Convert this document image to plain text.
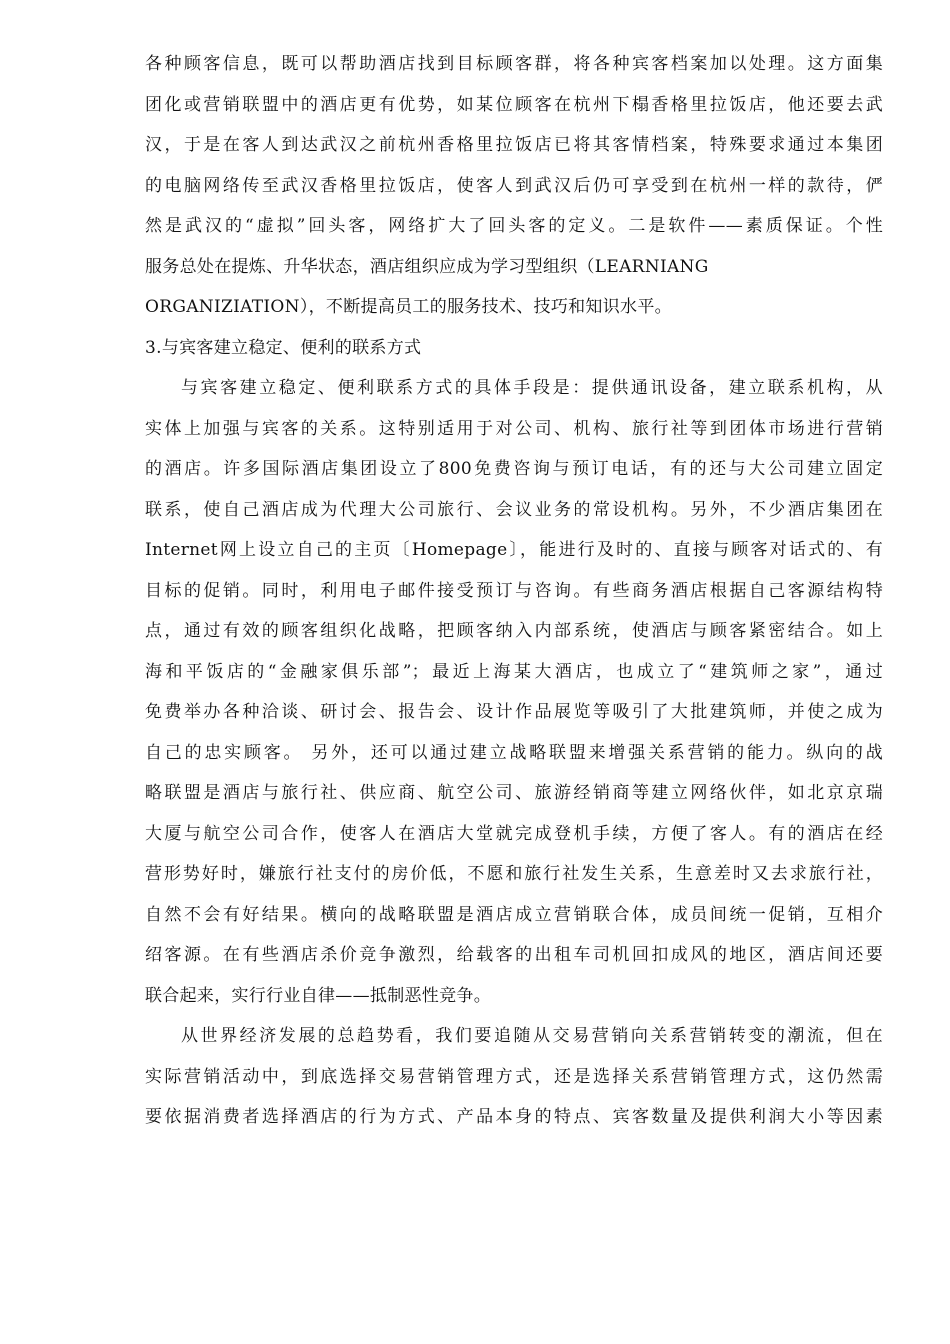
各种顾客信息，既可以帮助酒店找到目标顾客群，将各种宾客档案加以处理。这方面集
团化或营销联盟中的酒店更有优势，如某位顾客在杭州下榻香格里拉饭店，他还要去武
汉，于是在客人到达武汉之前杭州香格里拉饭店已将其客情档案，特殊要求通过本集团
的电脑网络传至武汉香格里拉饭店，使客人到武汉后仍可享受到在杭州一样的款待，俨
然是武汉的“虚拟”回头客，网络扩大了回头客的定义。二是软件——素质保证。个性
服务总处在提炼、升华状态，酒店组织应成为学习型组织（LEARNIANG
ORGANIZIATION），不断提高员工的服务技术、技巧和知识水平。
3.与宾客建立稳定、便利的联系方式
与宾客建立稳定、便利联系方式的具体手段是：提供通讯设备，建立联系机构，从
实体上加强与宾客的关系。这特别适用于对公司、机构、旅行社等到团体市场进行营销
的酒店。许多国际酒店集团设立了800免费咨询与预订电话，有的还与大公司建立固定
联系，使自己酒店成为代理大公司旅行、会议业务的常设机构。另外，不少酒店集团在
Internet网上设立自己的主页〔Homepage〕，能进行及时的、直接与顾客对话式的、有
目标的促销。同时，利用电子邮件接受预订与咨询。有些商务酒店根据自己客源结构特
点，通过有效的顾客组织化战略，把顾客纳入内部系统，使酒店与顾客紧密结合。如上
海和平饭店的“金融家俱乐部”；最近上海某大酒店，也成立了“建筑师之家”，通过
免费举办各种洽谈、研讨会、报告会、设计作品展览等吸引了大批建筑师，并使之成为
自己的忠实顾客。 另外，还可以通过建立战略联盟来增强关系营销的能力。纵向的战
略联盟是酒店与旅行社、供应商、航空公司、旅游经销商等建立网络伙伴，如北京京瑞
大厦与航空公司合作，使客人在酒店大堂就完成登机手续，方便了客人。有的酒店在经
营形势好时，嫌旅行社支付的房价低，不愿和旅行社发生关系，生意差时又去求旅行社，
自然不会有好结果。横向的战略联盟是酒店成立营销联合体，成员间统一促销，互相介
绍客源。在有些酒店杀价竞争激烈，给载客的出租车司机回扣成风的地区，酒店间还要
联合起来，实行行业自律——抵制恶性竞争。
从世界经济发展的总趋势看，我们要追随从交易营销向关系营销转变的潮流，但在
实际营销活动中，到底选择交易营销管理方式，还是选择关系营销管理方式，这仍然需
要依据消费者选择酒店的行为方式、产品本身的特点、宾客数量及提供利润大小等因素
